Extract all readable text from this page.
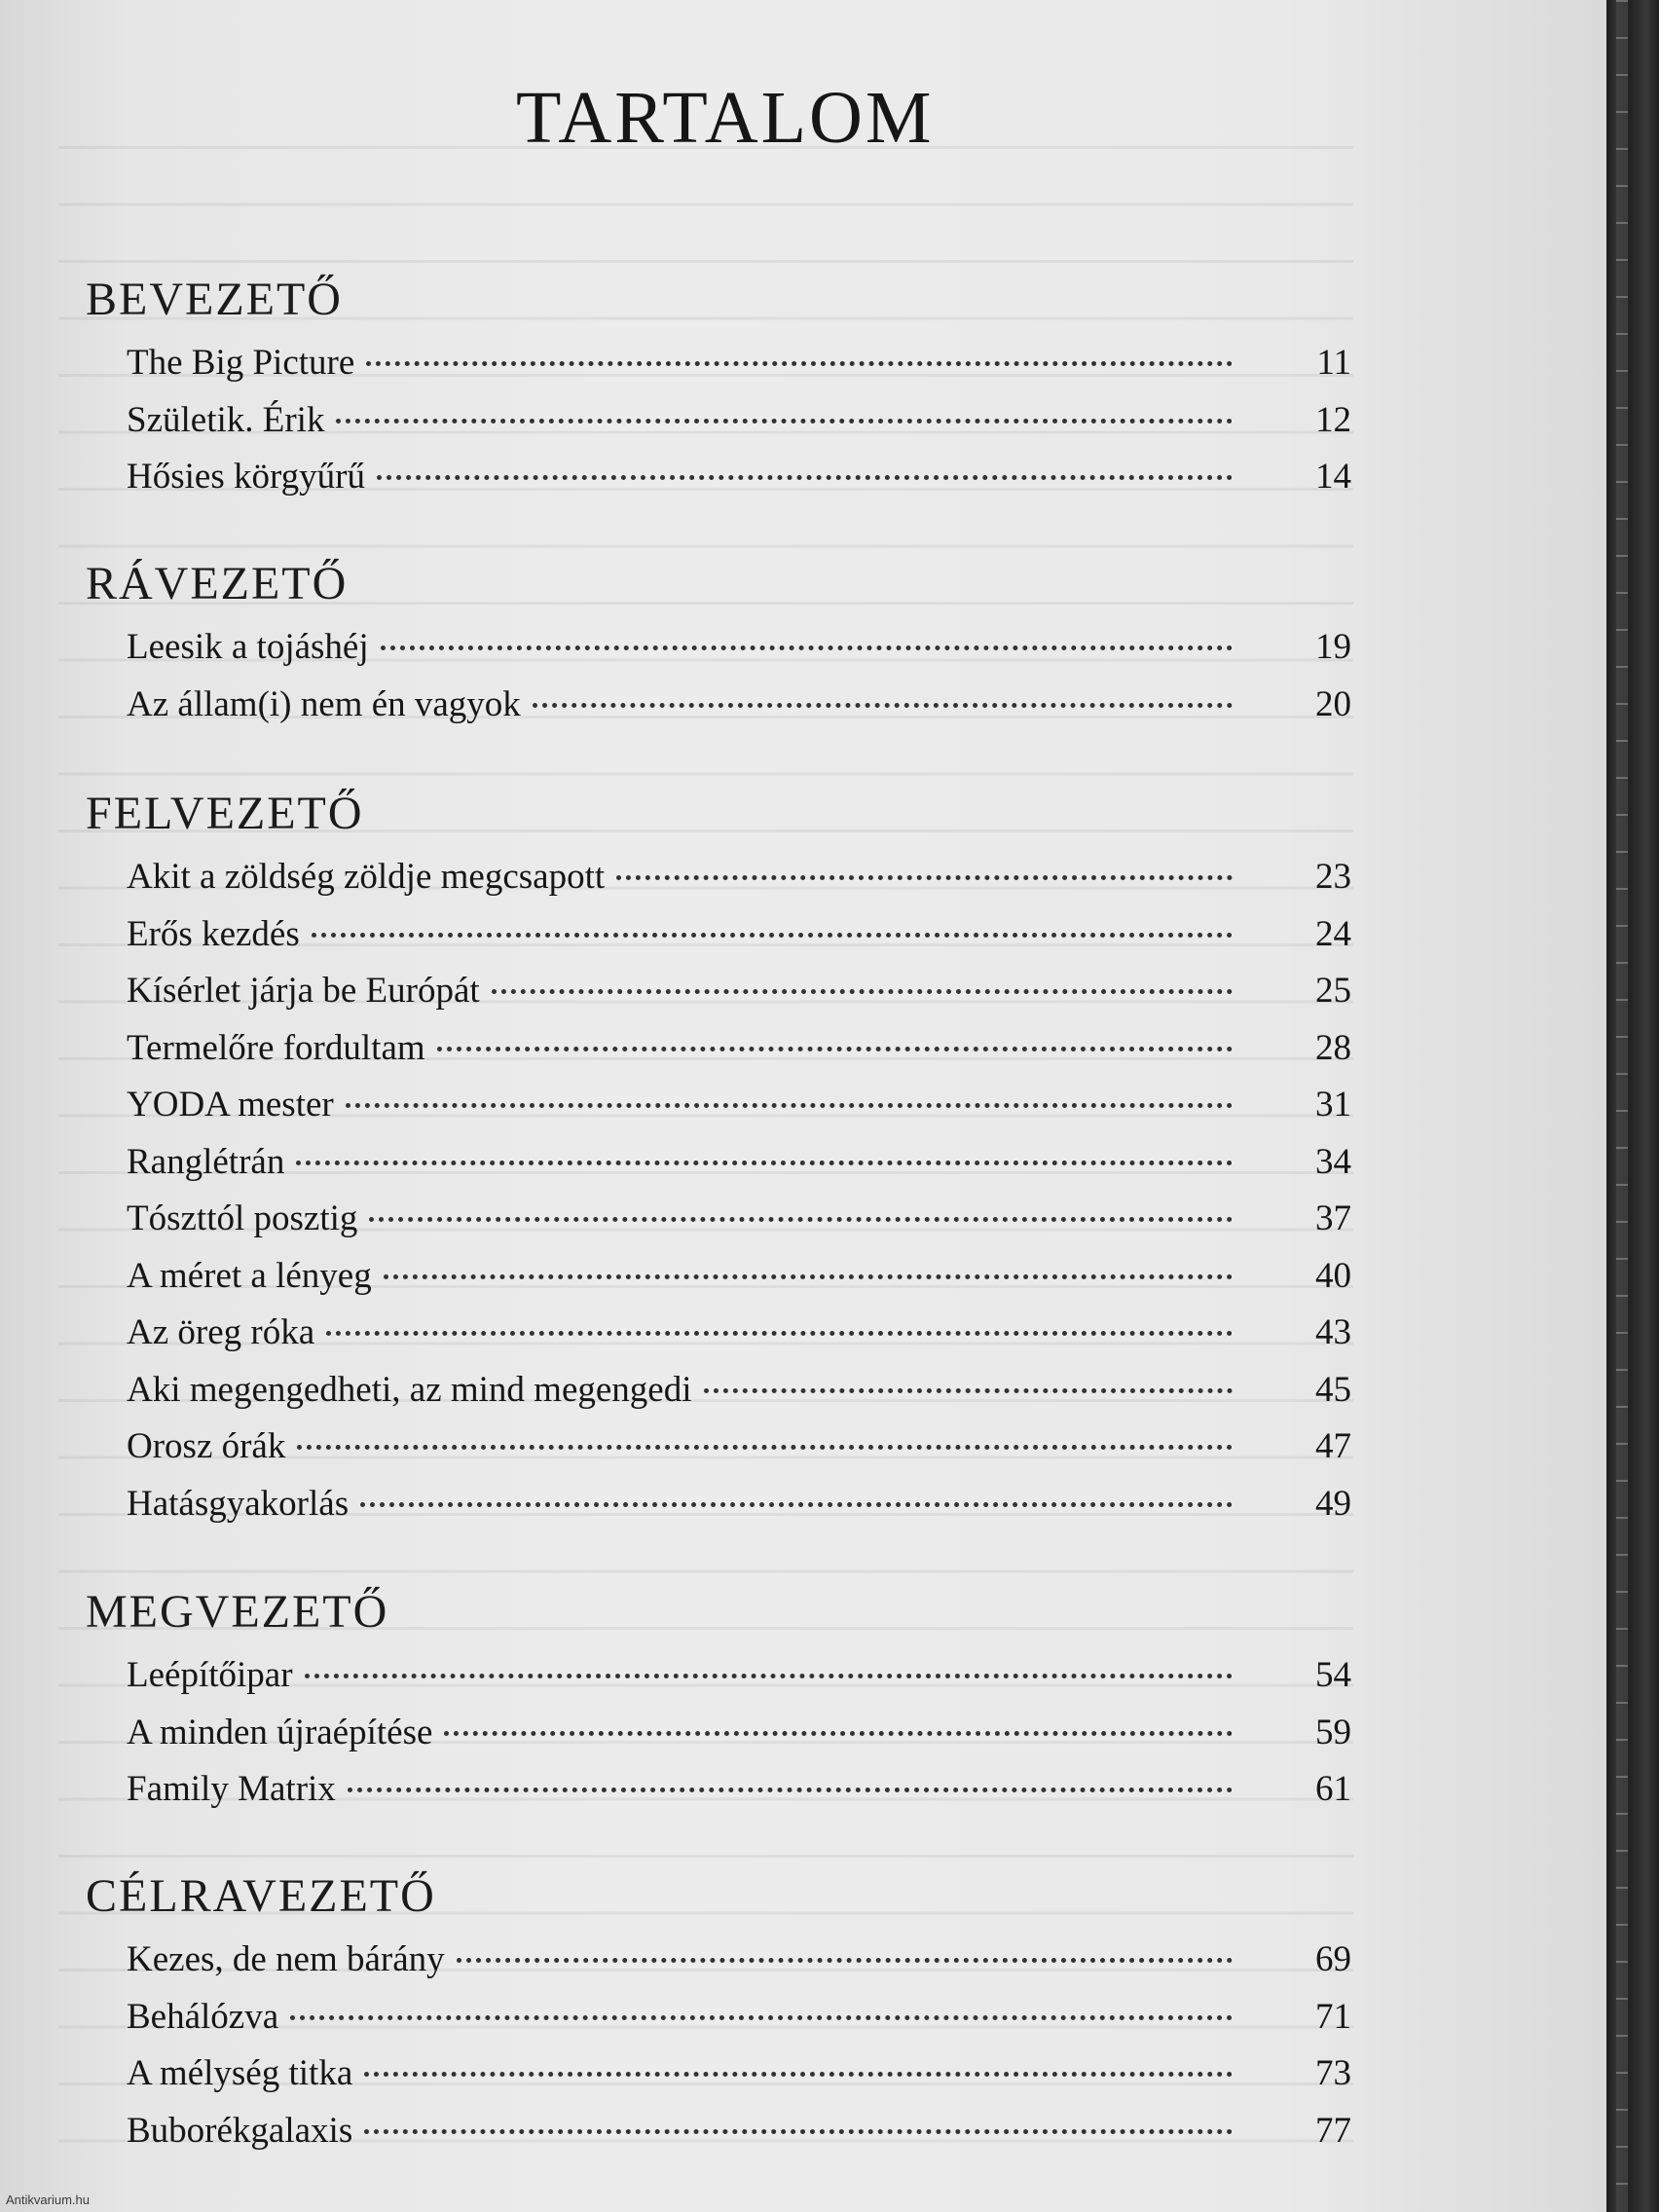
TARTALOM
BEVEZETŐ
The Big Picture	11
Születik. Érik	12
Hősies körgyűrű	14
RÁVEZETŐ
Leesik a tojáshéj	19
Az állam(i) nem én vagyok	20
FELVEZETŐ
Akit a zöldség zöldje megcsapott	23
Erős kezdés	24
Kísérlet járja be Európát	25
Termelőre fordultam	28
YODA mester	31
Ranglétrán	34
Tószttól posztig	37
A méret a lényeg	40
Az öreg róka	43
Aki megengedheti, az mind megengedi	45
Orosz órák	47
Hatásgyakorlás	49
MEGVEZETŐ
Leépítőipar	54
A minden újraépítése	59
Family Matrix	61
CÉLRAVEZETŐ
Kezes, de nem bárány	69
Behálózva	71
A mélység titka	73
Buborékgalaxis	77
Antikvarium.hu
